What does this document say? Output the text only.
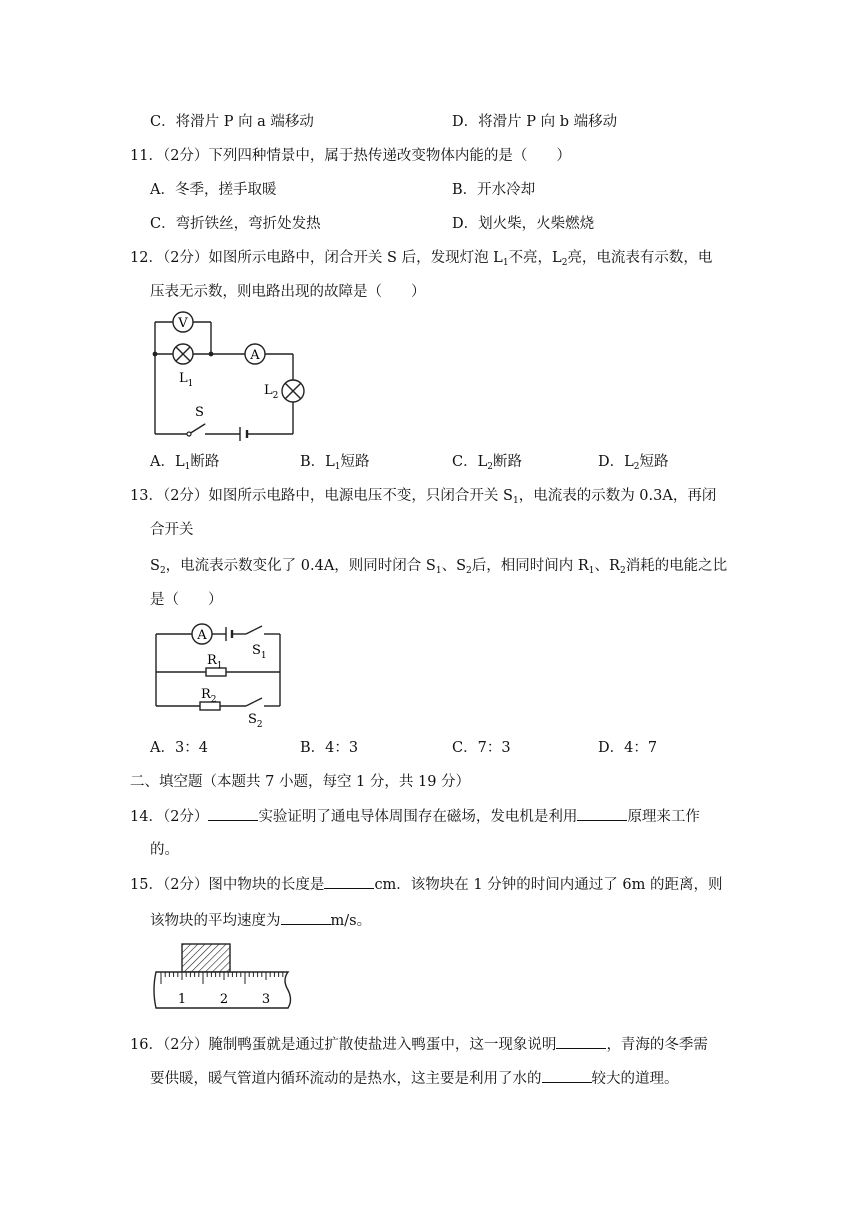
C．将滑片 P 向 a 端移动	D．将滑片 P 向 b 端移动
11．（2分）下列四种情景中，属于热传递改变物体内能的是（　　）
A．冬季，搓手取暖	B．开水冷却
C．弯折铁丝，弯折处发热	D．划火柴，火柴燃烧
12．（2分）如图所示电路中，闭合开关 S 后，发现灯泡 $L_1$不亮，$L_2$亮，电流表有示数，电
压表无示数，则电路出现的故障是（　　）
V
A
$L_1$	$L_2$
S
A．$L_1$断路	B．$L_1$短路	C．$L_2$断路	D．$L_2$短路
13．（2分）如图所示电路中，电源电压不变，只闭合开关 $S_1$，电流表的示数为 0.3A，再闭
合开关
$S_2$，电流表示数变化了 0.4A，则同时闭合 $S_1$、$S_2$后，相同时间内 $R_1$、$R_2$消耗的电能之比
是（　　）
A
$S_1$
$R_1$
$R_2$
$S_2$
A．3：4	B．4：3	C．7：3	D．4：7
二、填空题（本题共 7 小题，每空 1 分，共 19 分）
14．（2分）	实验证明了通电导体周围存在磁场，发电机是利用	原理来工作
的。
15．（2分）图中物块的长度是	cm．该物块在 1 分钟的时间内通过了 6m 的距离，则
该物块的平均速度为	m/s。
1	2	3
16．（2分）腌制鸭蛋就是通过扩散使盐进入鸭蛋中，这一现象说明	，青海的冬季需
要供暖，暖气管道内循环流动的是热水，这主要是利用了水的	较大的道理。
